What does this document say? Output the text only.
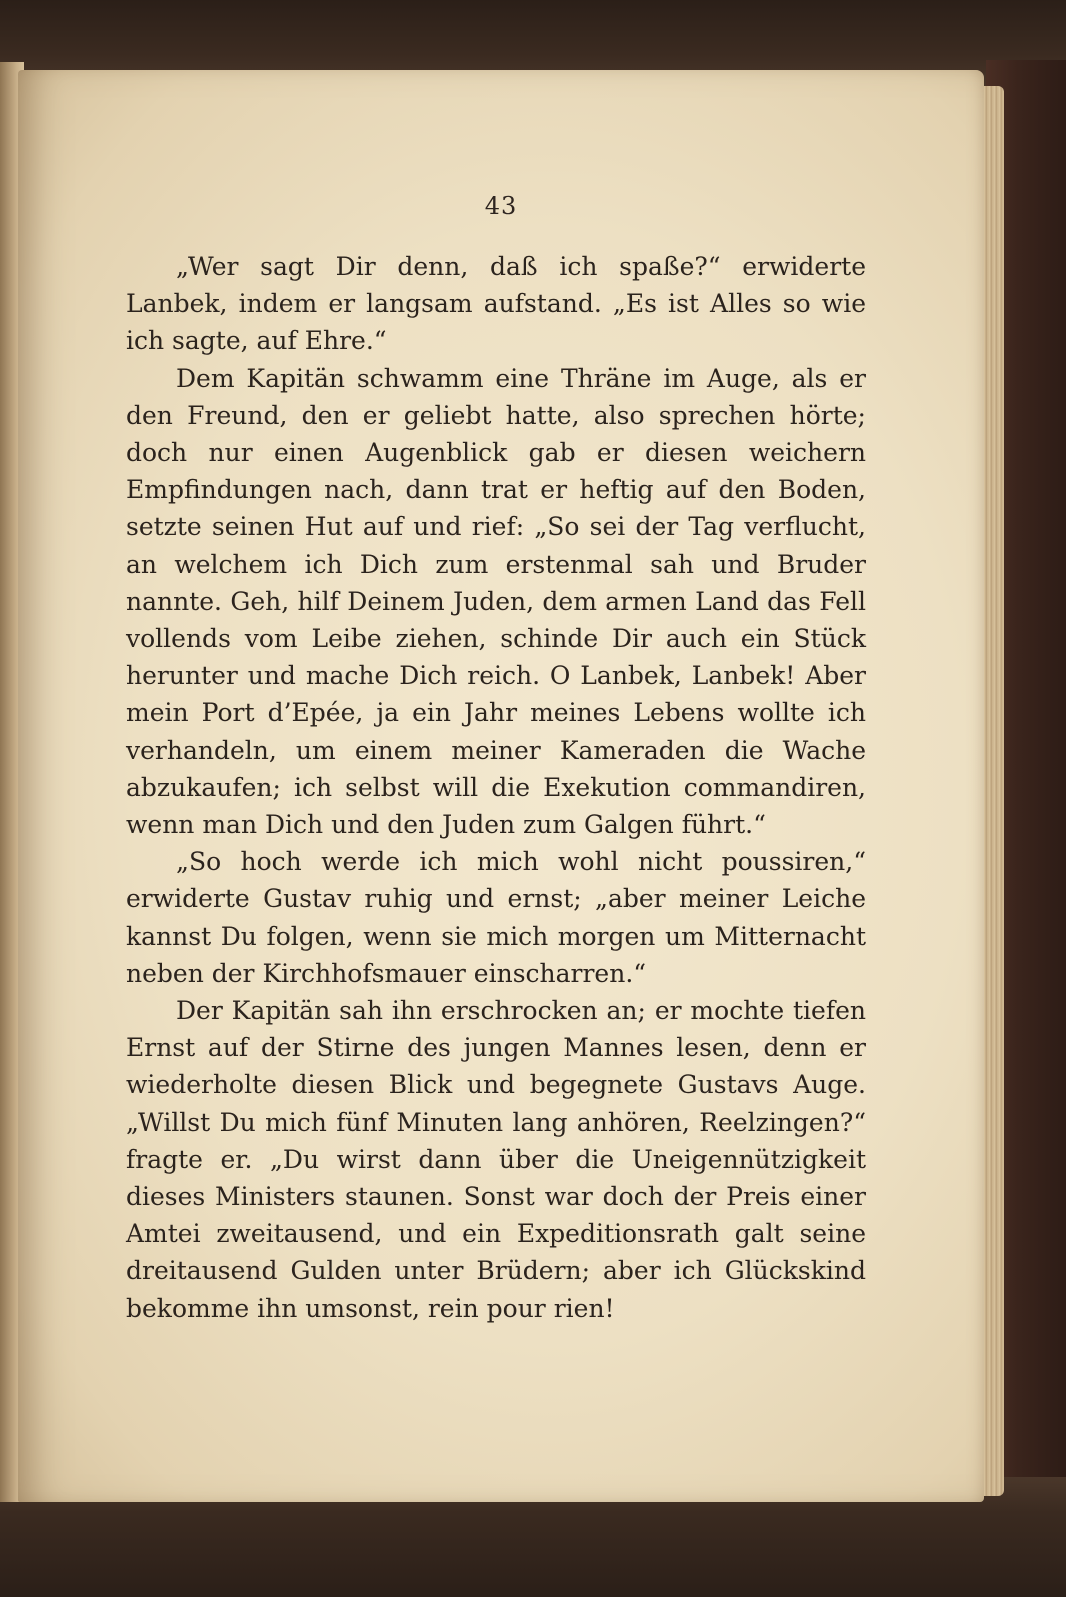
43

„Wer sagt Dir denn, daß ich spaße?“ erwiderte Lanbek, indem er langsam aufstand. „Es ist Alles so wie ich sagte, auf Ehre.“

Dem Kapitän schwamm eine Thräne im Auge, als er den Freund, den er geliebt hatte, also sprechen hörte; doch nur einen Augenblick gab er diesen weichern Empfindungen nach, dann trat er heftig auf den Boden, setzte seinen Hut auf und rief: „So sei der Tag verflucht, an welchem ich Dich zum erstenmal sah und Bruder nannte. Geh, hilf Deinem Juden, dem armen Land das Fell vollends vom Leibe ziehen, schinde Dir auch ein Stück herunter und mache Dich reich. O Lanbek, Lanbek! Aber mein Port d’Epée, ja ein Jahr meines Lebens wollte ich verhandeln, um einem meiner Kameraden die Wache abzukaufen; ich selbst will die Exekution commandiren, wenn man Dich und den Juden zum Galgen führt.“

„So hoch werde ich mich wohl nicht poussiren,“ erwiderte Gustav ruhig und ernst; „aber meiner Leiche kannst Du folgen, wenn sie mich morgen um Mitternacht neben der Kirchhofsmauer einscharren.“

Der Kapitän sah ihn erschrocken an; er mochte tiefen Ernst auf der Stirne des jungen Mannes lesen, denn er wiederholte diesen Blick und begegnete Gustavs Auge. „Willst Du mich fünf Minuten lang anhören, Reelzingen?“ fragte er. „Du wirst dann über die Uneigennützigkeit dieses Ministers staunen. Sonst war doch der Preis einer Amtei zweitausend, und ein Expeditionsrath galt seine dreitausend Gulden unter Brüdern; aber ich Glückskind bekomme ihn umsonst, rein pour rien!
